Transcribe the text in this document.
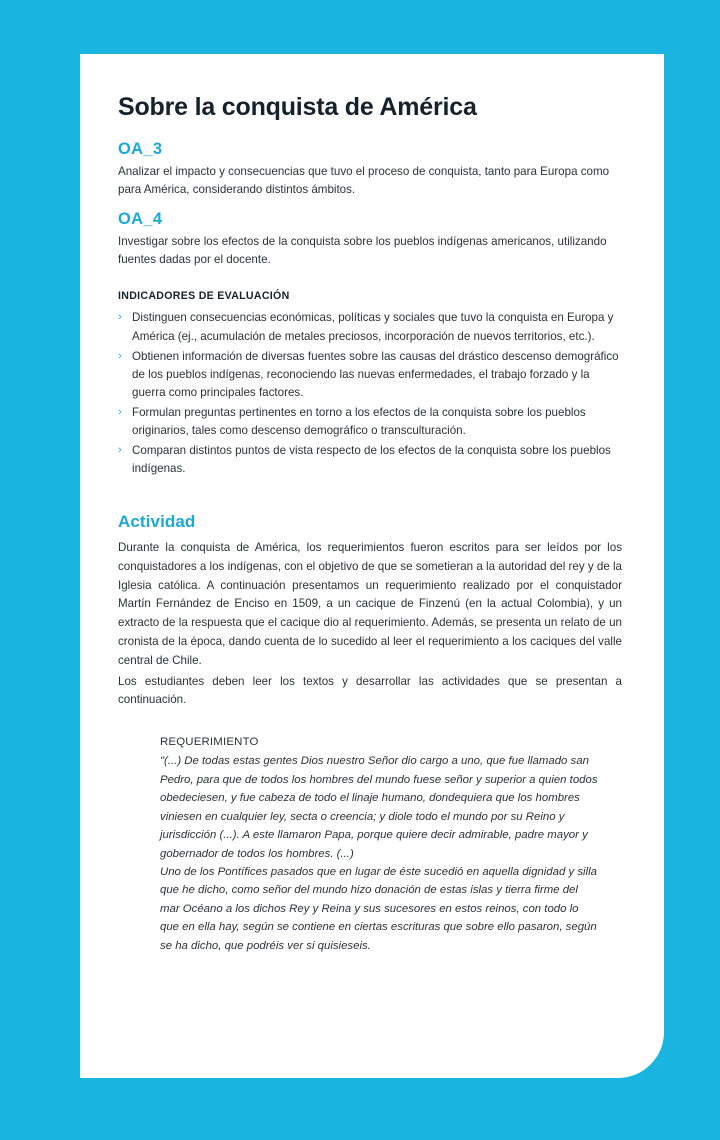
Sobre la conquista de América
OA_3

Analizar el impacto y consecuencias que tuvo el proceso de conquista, tanto para Europa como para América, considerando distintos ámbitos.

OA_4

Investigar sobre los efectos de la conquista sobre los pueblos indígenas americanos, utilizando fuentes dadas por el docente.

INDICADORES DE EVALUACIÓN
› Distinguen consecuencias económicas, políticas y sociales que tuvo la conquista en Europa y América (ej., acumulación de metales preciosos, incorporación de nuevos territorios, etc.).
› Obtienen información de diversas fuentes sobre las causas del drástico descenso demográfico de los pueblos indígenas, reconociendo las nuevas enfermedades, el trabajo forzado y la guerra como principales factores.
› Formulan preguntas pertinentes en torno a los efectos de la conquista sobre los pueblos originarios, tales como descenso demográfico o transculturación.
› Comparan distintos puntos de vista respecto de los efectos de la conquista sobre los pueblos indígenas.
Actividad

Durante la conquista de América, los requerimientos fueron escritos para ser leídos por los conquistadores a los indígenas, con el objetivo de que se sometieran a la autoridad del rey y de la Iglesia católica. A continuación presentamos un requerimiento realizado por el conquistador Martín Fernández de Enciso en 1509, a un cacique de Finzenú (en la actual Colombia), y un extracto de la respuesta que el cacique dio al requerimiento. Además, se presenta un relato de un cronista de la época, dando cuenta de lo sucedido al leer el requerimiento a los caciques del valle central de Chile.

Los estudiantes deben leer los textos y desarrollar las actividades que se presentan a continuación.

REQUERIMIENTO

"(...) De todas estas gentes Dios nuestro Señor dio cargo a uno, que fue llamado san Pedro, para que de todos los hombres del mundo fuese señor y superior a quien todos obedeciesen, y fue cabeza de todo el linaje humano, dondequiera que los hombres viniesen en cualquier ley, secta o creencia; y diole todo el mundo por su Reino y jurisdicción (...). A este llamaron Papa, porque quiere decir admirable, padre mayor y gobernador de todos los hombres. (...)

Uno de los Pontífices pasados que en lugar de éste sucedió en aquella dignidad y silla que he dicho, como señor del mundo hizo donación de estas islas y tierra firme del mar Océano a los dichos Rey y Reina y sus sucesores en estos reinos, con todo lo que en ella hay, según se contiene en ciertas escrituras que sobre ello pasaron, según se ha dicho, que podréis ver si quisieseis.
